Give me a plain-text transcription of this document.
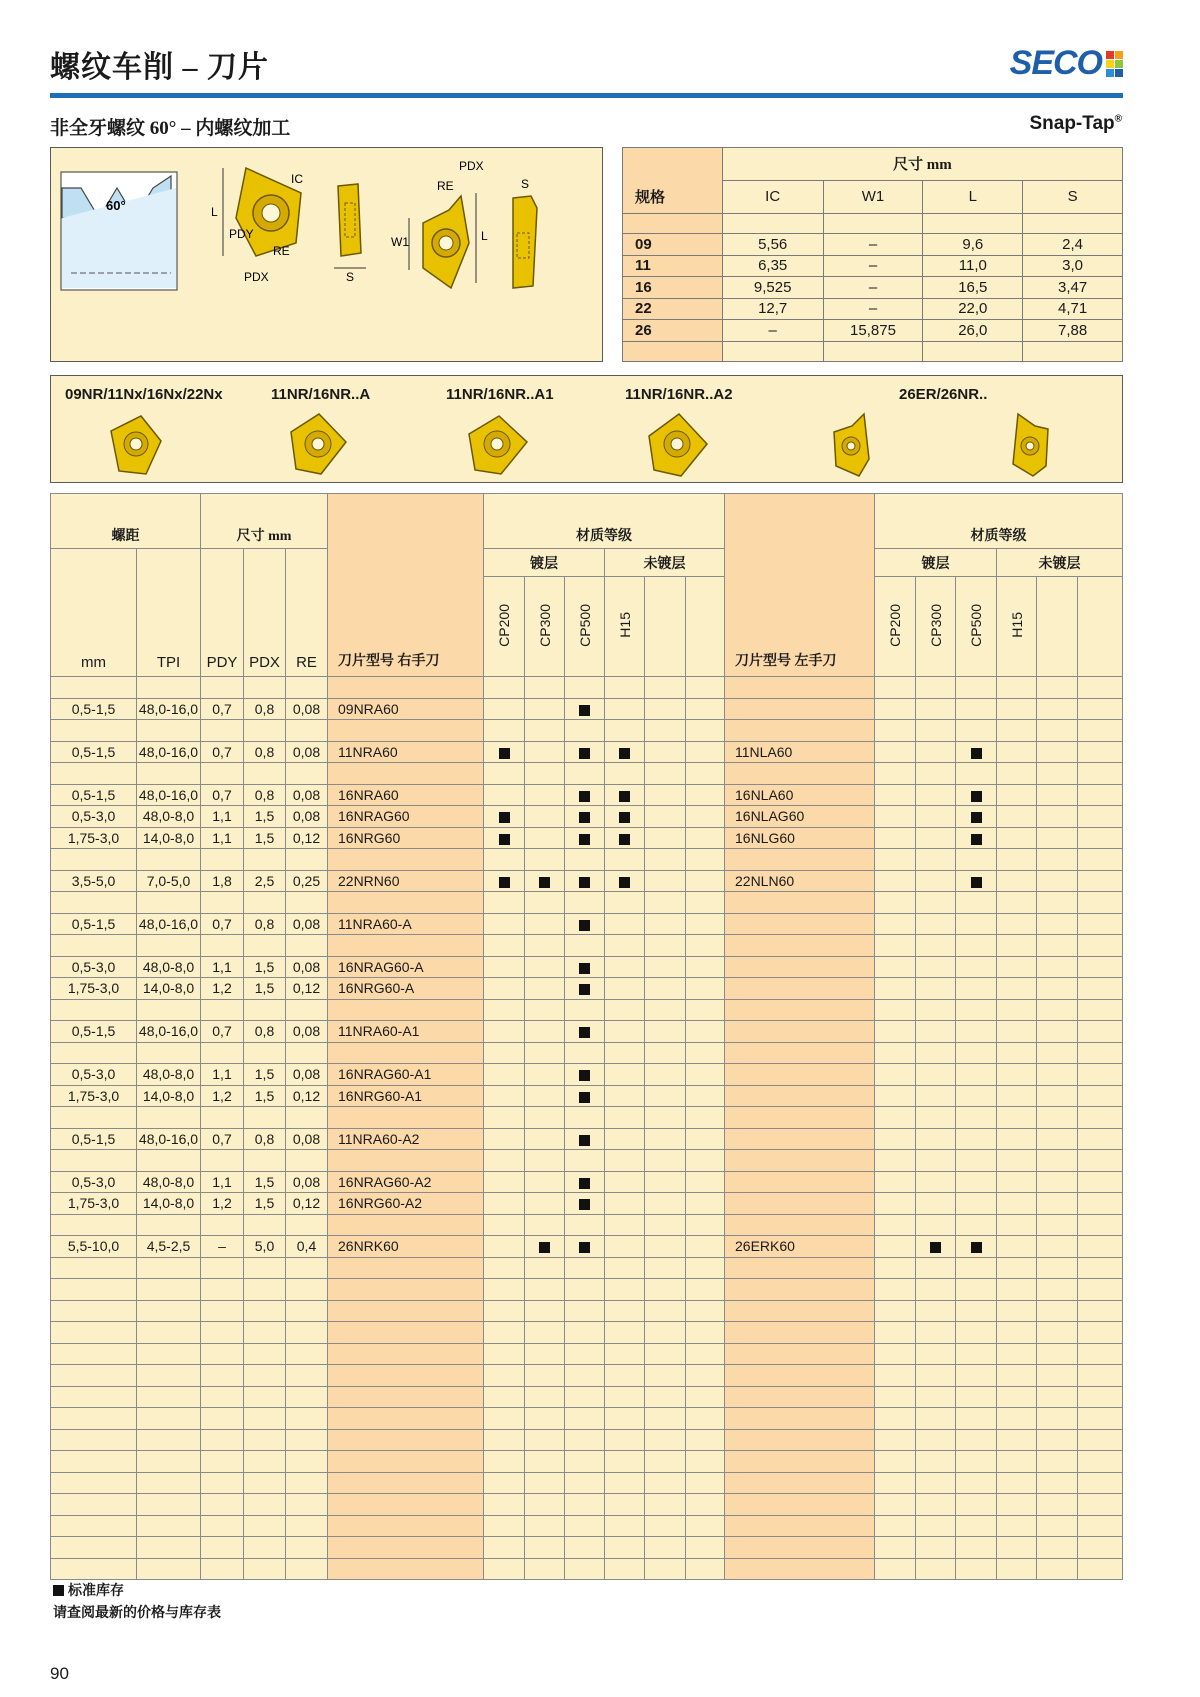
螺纹车削 – 刀片	SECO
非全牙螺纹 60° – 内螺纹加工	Snap-Tap®
60°	L
IC
PDY
RE
PDX	S
W1
RE
PDX
L
S
规格	尺寸 mm			
	IC	W1	L	S

09	5,56	–	9,6	2,4
11	6,35	–	11,0	3,0
16	9,525	–	16,5	3,47
22	12,7	–	22,0	4,71
26	–	15,875	26,0	7,88

09NR/11Nx/16Nx/22Nx	11NR/16NR..A	11NR/16NR..A1	11NR/16NR..A2	26ER/26NR..
螺距		尺寸 mm			刀片型号 右手刀	材质等级						刀片型号 左手刀	材质等级					
mm	TPI	PDY	PDX	RE		镀层			未镀层				镀层			未镀层		
						CP200	CP300	CP500	H15				CP200	CP300	CP500	H15		

0,5-1,5	48,0-16,0	0,7	0,8	0,08	09NRA60													

0,5-1,5	48,0-16,0	0,7	0,8	0,08	11NRA60							11NLA60						

0,5-1,5	48,0-16,0	0,7	0,8	0,08	16NRA60							16NLA60						
0,5-3,0	48,0-8,0	1,1	1,5	0,08	16NRAG60							16NLAG60						
1,75-3,0	14,0-8,0	1,1	1,5	0,12	16NRG60							16NLG60						

3,5-5,0	7,0-5,0	1,8	2,5	0,25	22NRN60							22NLN60						

0,5-1,5	48,0-16,0	0,7	0,8	0,08	11NRA60-A													

0,5-3,0	48,0-8,0	1,1	1,5	0,08	16NRAG60-A													
1,75-3,0	14,0-8,0	1,2	1,5	0,12	16NRG60-A													

0,5-1,5	48,0-16,0	0,7	0,8	0,08	11NRA60-A1													

0,5-3,0	48,0-8,0	1,1	1,5	0,08	16NRAG60-A1													
1,75-3,0	14,0-8,0	1,2	1,5	0,12	16NRG60-A1													

0,5-1,5	48,0-16,0	0,7	0,8	0,08	11NRA60-A2													

0,5-3,0	48,0-8,0	1,1	1,5	0,08	16NRAG60-A2													
1,75-3,0	14,0-8,0	1,2	1,5	0,12	16NRG60-A2													

5,5-10,0	4,5-2,5	–	5,0	0,4	26NRK60							26ERK60						

标准库存
请查阅最新的价格与库存表
90
